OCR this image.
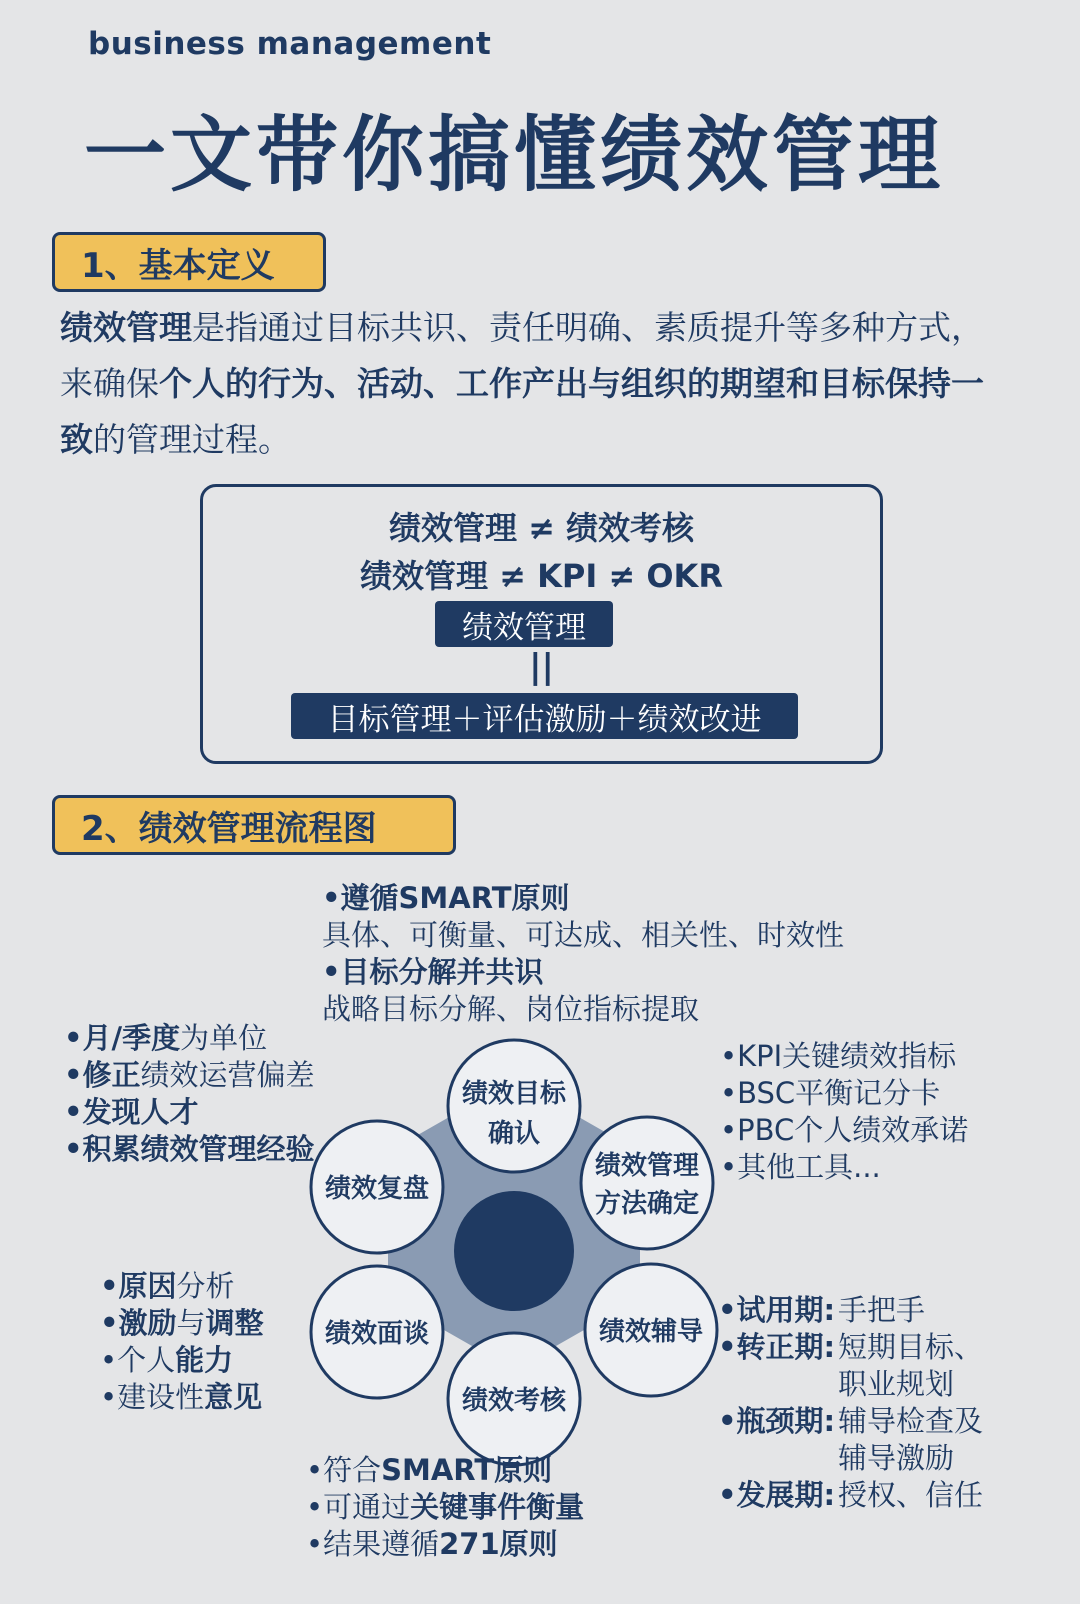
business management
一文带你搞懂绩效管理
1、基本定义
绩效管理是指通过目标共识、责任明确、素质提升等多种方式，来确保个人的行为、活动、工作产出与组织的期望和目标保持一致的管理过程。
绩效管理 ≠ 绩效考核
绩效管理 ≠ KPI ≠ OKR
绩效管理
||
目标管理＋评估激励＋绩效改进
2、绩效管理流程图
绩效目标
确认
绩效管理
方法确定
绩效辅导
绩效考核
绩效面谈
绩效复盘
•遵循SMART原则
具体、可衡量、可达成、相关性、时效性
•目标分解并共识
战略目标分解、岗位指标提取
•月/季度为单位
•修正绩效运营偏差
•发现人才
•积累绩效管理经验
•KPI关键绩效指标
•BSC平衡记分卡
•PBC个人绩效承诺
•其他工具...
•原因分析
•激励与调整
•个人能力
•建设性意见
•试用期: 手把手
•转正期: 短期目标、
职业规划
•瓶颈期: 辅导检查及
辅导激励
•发展期: 授权、信任
•符合SMART原则
•可通过关键事件衡量
•结果遵循271原则
